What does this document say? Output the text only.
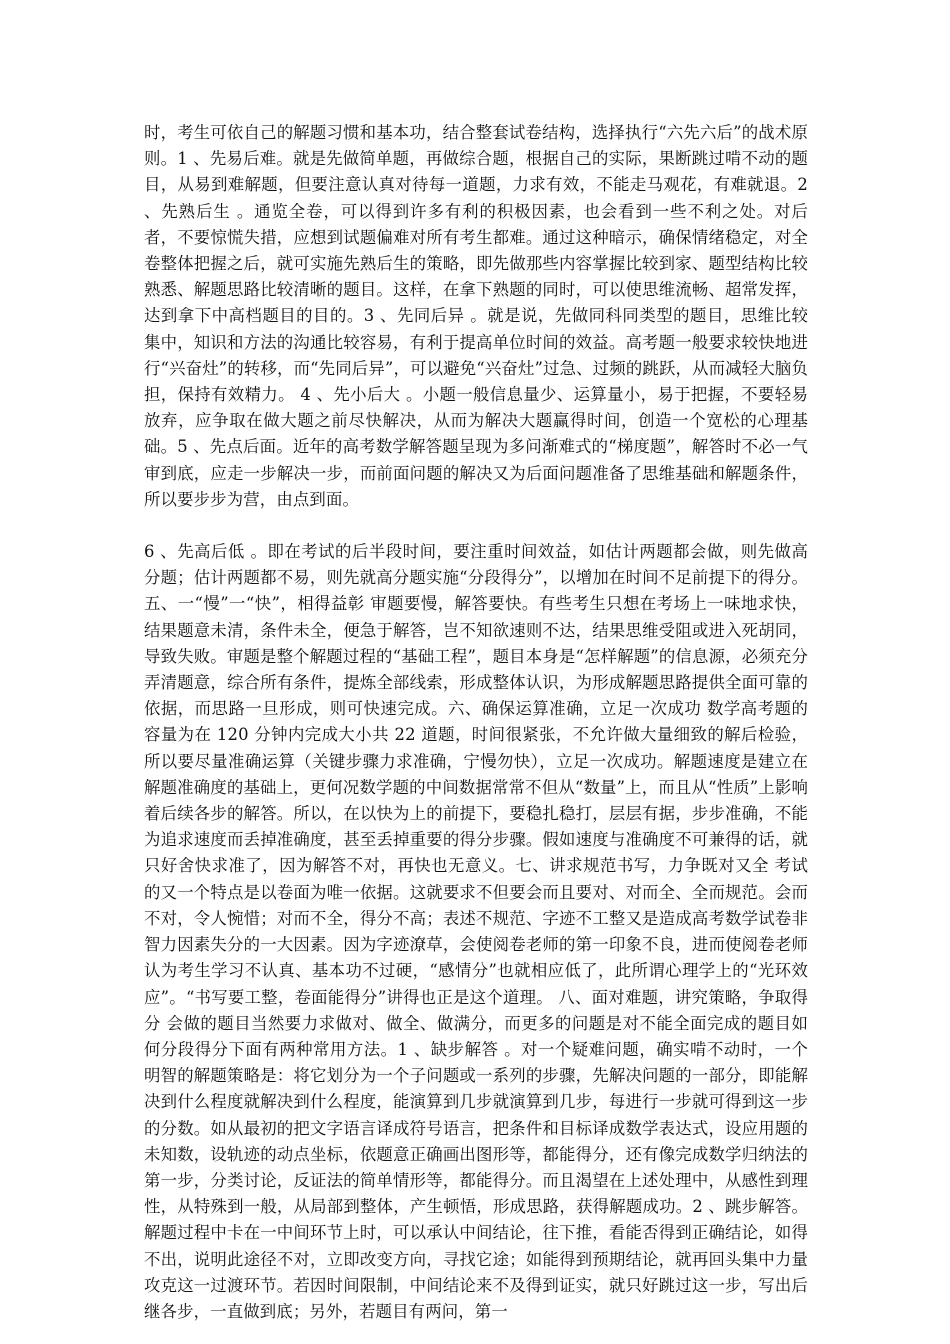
时，考生可依自己的解题习惯和基本功，结合整套试卷结构，选择执行“六先六后”的战术原则。1 、先易后难。就是先做简单题，再做综合题，根据自己的实际，果断跳过啃不动的题目，从易到难解题，但要注意认真对待每一道题，力求有效，不能走马观花，有难就退。2 、先熟后生 。通览全卷，可以得到许多有利的积极因素，也会看到一些不利之处。对后者，不要惊慌失措，应想到试题偏难对所有考生都难。通过这种暗示，确保情绪稳定，对全卷整体把握之后，就可实施先熟后生的策略，即先做那些内容掌握比较到家、题型结构比较熟悉、解题思路比较清晰的题目。这样，在拿下熟题的同时，可以使思维流畅、超常发挥，达到拿下中高档题目的目的。3 、先同后异 。就是说，先做同科同类型的题目，思维比较集中，知识和方法的沟通比较容易，有利于提高单位时间的效益。高考题一般要求较快地进行“兴奋灶”的转移，而“先同后异”，可以避免“兴奋灶”过急、过频的跳跃，从而减轻大脑负担，保持有效精力。 4 、先小后大 。小题一般信息量少、运算量小，易于把握，不要轻易放弃，应争取在做大题之前尽快解决，从而为解决大题赢得时间，创造一个宽松的心理基础。5 、先点后面。近年的高考数学解答题呈现为多问渐难式的“梯度题”，解答时不必一气审到底，应走一步解决一步，而前面问题的解决又为后面问题准备了思维基础和解题条件，所以要步步为营，由点到面。

6 、先高后低 。即在考试的后半段时间，要注重时间效益，如估计两题都会做，则先做高分题；估计两题都不易，则先就高分题实施“分段得分”，以增加在时间不足前提下的得分。 五、一“慢”一“快”，相得益彰 审题要慢，解答要快。有些考生只想在考场上一味地求快，结果题意未清，条件未全，便急于解答，岂不知欲速则不达，结果思维受阻或进入死胡同，导致失败。审题是整个解题过程的“基础工程”，题目本身是“怎样解题”的信息源，必须充分弄清题意，综合所有条件，提炼全部线索，形成整体认识，为形成解题思路提供全面可靠的依据，而思路一旦形成，则可快速完成。六、确保运算准确，立足一次成功 数学高考题的容量为在 120 分钟内完成大小共 22 道题，时间很紧张，不允许做大量细致的解后检验，所以要尽量准确运算（关键步骤力求准确，宁慢勿快），立足一次成功。解题速度是建立在解题准确度的基础上，更何况数学题的中间数据常常不但从“数量”上，而且从“性质”上影响着后续各步的解答。所以，在以快为上的前提下，要稳扎稳打，层层有据，步步准确，不能为追求速度而丢掉准确度，甚至丢掉重要的得分步骤。假如速度与准确度不可兼得的话，就只好舍快求准了，因为解答不对，再快也无意义。七、讲求规范书写，力争既对又全 考试的又一个特点是以卷面为唯一依据。这就要求不但要会而且要对、对而全、全而规范。会而不对，令人惋惜；对而不全，得分不高；表述不规范、字迹不工整又是造成高考数学试卷非智力因素失分的一大因素。因为字迹潦草，会使阅卷老师的第一印象不良，进而使阅卷老师认为考生学习不认真、基本功不过硬，“感情分”也就相应低了，此所谓心理学上的“光环效应”。“书写要工整，卷面能得分”讲得也正是这个道理。 八、面对难题，讲究策略，争取得分 会做的题目当然要力求做对、做全、做满分，而更多的问题是对不能全面完成的题目如何分段得分下面有两种常用方法。1 、缺步解答 。对一个疑难问题，确实啃不动时，一个明智的解题策略是：将它划分为一个子问题或一系列的步骤，先解决问题的一部分，即能解决到什么程度就解决到什么程度，能演算到几步就演算到几步，每进行一步就可得到这一步的分数。如从最初的把文字语言译成符号语言，把条件和目标译成数学表达式，设应用题的未知数，设轨迹的动点坐标，依题意正确画出图形等，都能得分，还有像完成数学归纳法的第一步，分类讨论，反证法的简单情形等，都能得分。而且渴望在上述处理中，从感性到理性，从特殊到一般，从局部到整体，产生顿悟，形成思路，获得解题成功。2 、跳步解答。解题过程中卡在一中间环节上时，可以承认中间结论，往下推，看能否得到正确结论，如得不出，说明此途径不对，立即改变方向，寻找它途；如能得到预期结论，就再回头集中力量攻克这一过渡环节。若因时间限制，中间结论来不及得到证实，就只好跳过这一步，写出后继各步，一直做到底；另外，若题目有两问，第一
